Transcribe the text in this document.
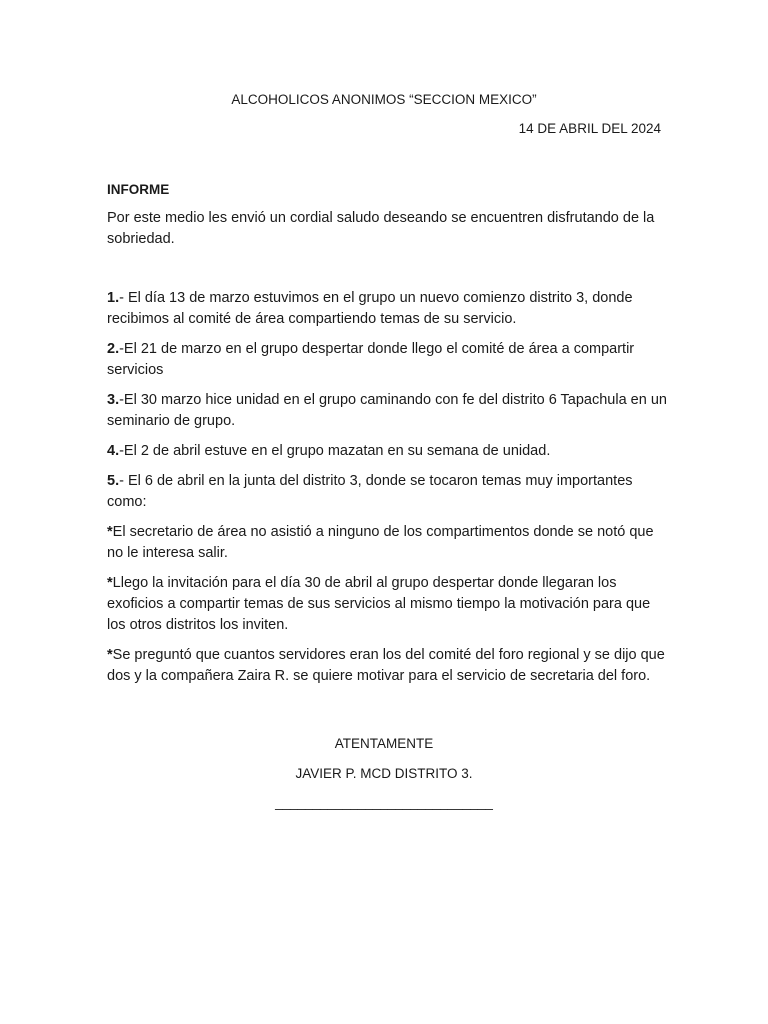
ALCOHOLICOS ANONIMOS “SECCION MEXICO”
14 DE ABRIL DEL 2024
INFORME
Por este medio les envió un cordial saludo deseando se encuentren disfrutando de la sobriedad.
1.- El día 13 de marzo estuvimos en el grupo un nuevo comienzo distrito 3, donde recibimos al comité de área compartiendo temas de su servicio.
2.-El 21 de marzo en el grupo despertar donde llego el comité de área a compartir servicios
3.-El 30 marzo hice unidad en el grupo caminando con fe del distrito 6 Tapachula en un seminario de grupo.
4.-El 2 de abril estuve en el grupo mazatan en su semana de unidad.
5.- El 6 de abril en la junta del distrito 3, donde se tocaron temas muy importantes como:
*El secretario de área no asistió a ninguno de los compartimentos donde se notó que no le interesa salir.
*Llego la invitación para el día 30 de abril al grupo despertar donde llegaran los exoficios a compartir temas de sus servicios al mismo tiempo la motivación para que los otros distritos los inviten.
*Se preguntó que cuantos servidores eran los del comité del foro regional y se dijo que dos y la compañera Zaira R. se quiere motivar para el servicio de secretaria del foro.
ATENTAMENTE
JAVIER P. MCD DISTRITO 3.
_____________________________
